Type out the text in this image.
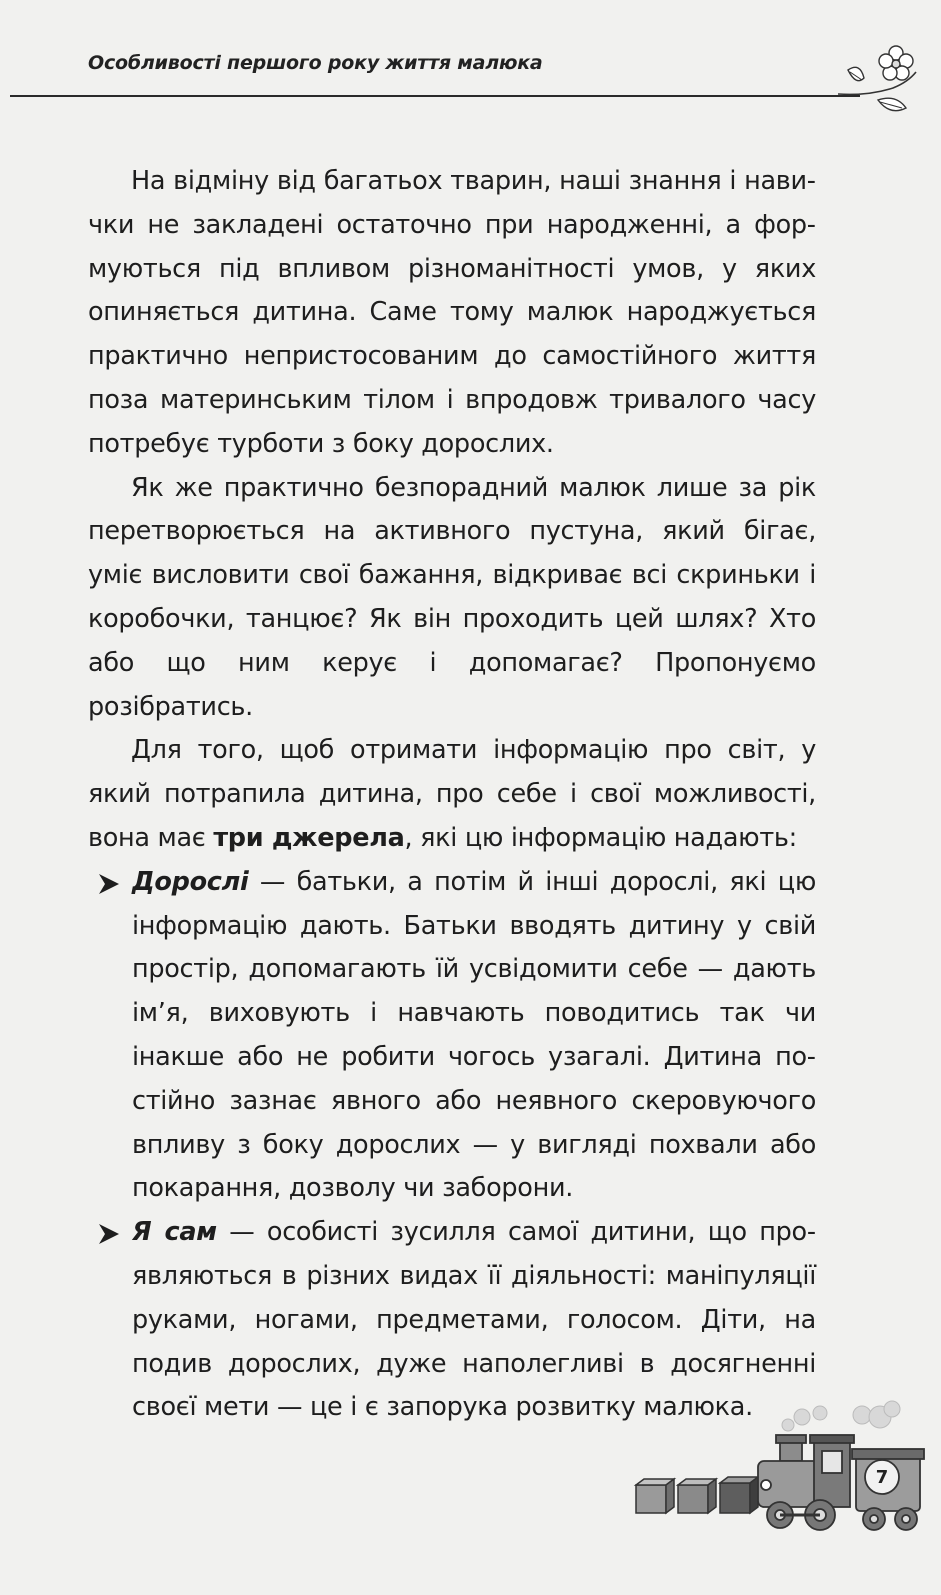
Особливості першого року життя малюка

На відміну від багатьох тварин, наші знання і навички не закладені остаточно при народженні, а формуються під впливом різноманітності умов, у яких опиняється дитина. Саме тому малюк народжується практично непристосованим до самостійного життя поза материнським тілом і впродовж тривалого часу потребує турботи з боку дорослих.

Як же практично безпорадний малюк лише за рік перетворюється на активного пустуна, який бігає, уміє висловити свої бажання, відкриває всі скриньки і коробочки, танцює? Як він проходить цей шлях? Хто або що ним керує і допомагає? Пропонуємо розібратись.

Для того, щоб отримати інформацію про світ, у який потрапила дитина, про себе і свої можливості, вона має три джерела, які цю інформацію надають:

Дорослі — батьки, а потім й інші дорослі, які цю інформацію дають. Батьки вводять дитину у свій простір, допомагають їй усвідомити себе — дають ім’я, виховують і навчають поводитись так чи інакше або не робити чогось узагалі. Дитина постійно зазнає явного або неявного скеровуючого впливу з боку дорослих — у вигляді похвали або покарання, дозволу чи заборони.
Я сам — особисті зусилля самої дитини, що проявляються в різних видах її діяльності: маніпуляції руками, ногами, предметами, голосом. Діти, на подив дорослих, дуже наполегливі в досягненні своєї мети — це і є запорука розвитку малюка.
7
